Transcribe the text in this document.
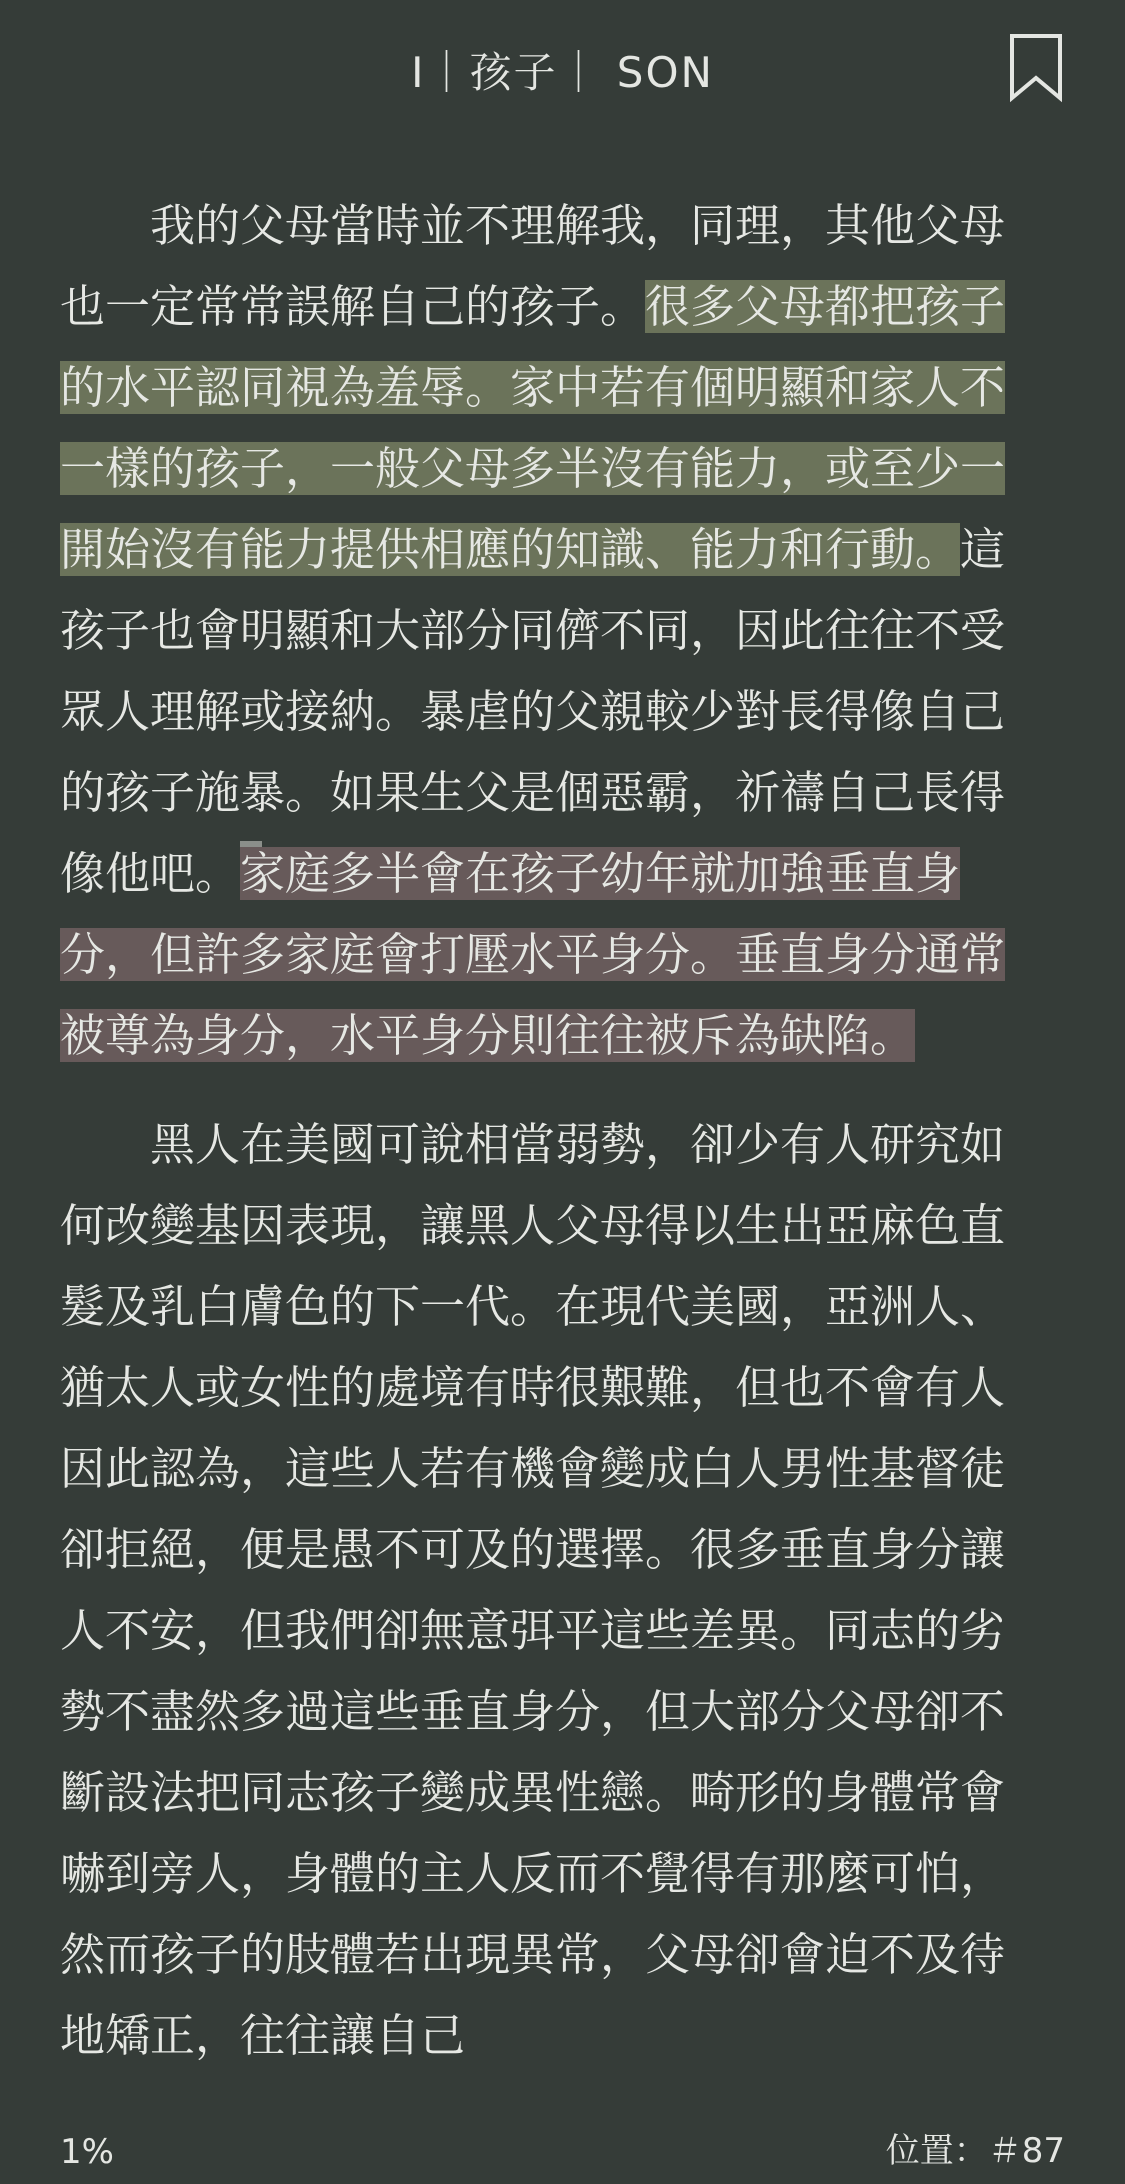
I｜孩子｜ SON

我的父母當時並不理解我，同理，其他父母也一定常常誤解自己的孩子。很多父母都把孩子的水平認同視為羞辱。家中若有個明顯和家人不一樣的孩子，一般父母多半沒有能力，或至少一開始沒有能力提供相應的知識、能力和行動。這孩子也會明顯和大部分同儕不同，因此往往不受眾人理解或接納。暴虐的父親較少對長得像自己的孩子施暴。如果生父是個惡霸，祈禱自己長得像他吧。家庭多半會在孩子幼年就加強垂直身分，但許多家庭會打壓水平身分。垂直身分通常被尊為身分，水平身分則往往被斥為缺陷。

黑人在美國可說相當弱勢，卻少有人研究如何改變基因表現，讓黑人父母得以生出亞麻色直髮及乳白膚色的下一代。在現代美國，亞洲人、猶太人或女性的處境有時很艱難，但也不會有人因此認為，這些人若有機會變成白人男性基督徒卻拒絕，便是愚不可及的選擇。很多垂直身分讓人不安，但我們卻無意弭平這些差異。同志的劣勢不盡然多過這些垂直身分，但大部分父母卻不斷設法把同志孩子變成異性戀。畸形的身體常會嚇到旁人，身體的主人反而不覺得有那麼可怕，然而孩子的肢體若出現異常，父母卻會迫不及待地矯正，往往讓自己

1%	位置：＃87
